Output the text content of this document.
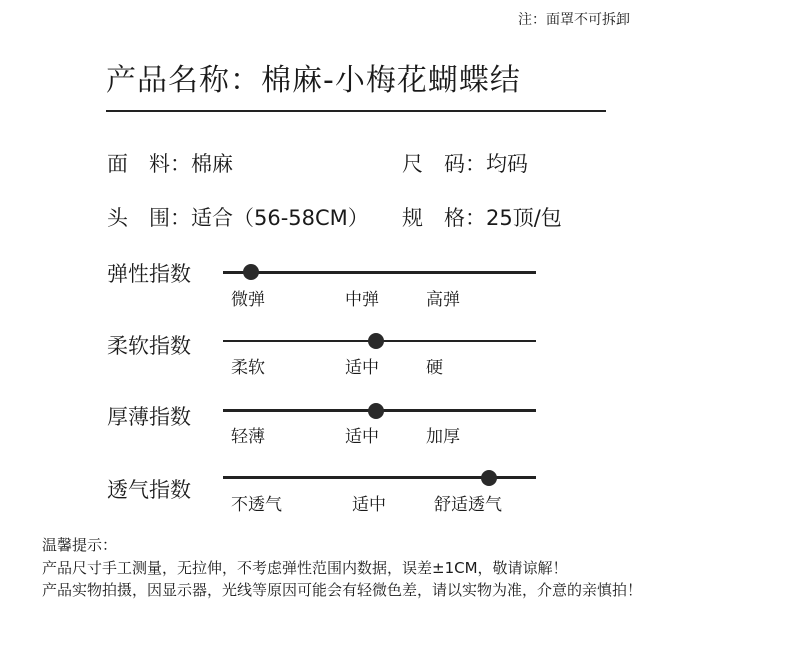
注：面罩不可拆卸
产品名称：棉麻-小梅花蝴蝶结
面　料：棉麻	尺　码：均码
头　围：适合（56-58CM） 规　格：25顶/包
弹性指数
微弹	中弹	高弹
柔软指数
柔软	适中	硬
厚薄指数
轻薄	适中	加厚
透气指数
不透气	适中	舒适透气
温馨提示：
产品尺寸手工测量，无拉伸，不考虑弹性范围内数据，误差±1CM，敬请谅解！
产品实物拍摄，因显示器，光线等原因可能会有轻微色差，请以实物为准，介意的亲慎拍！
